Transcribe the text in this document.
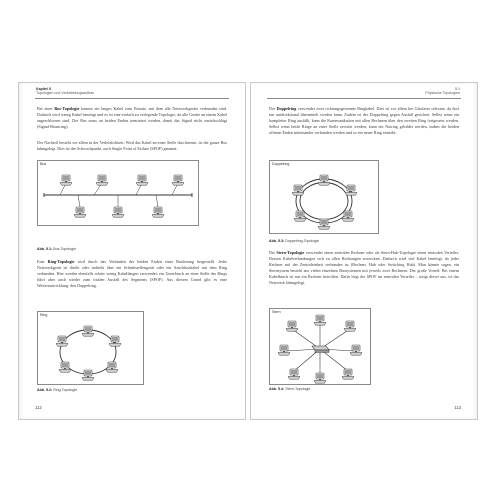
Kapitel 5
Topologien und Verkabelungsaufbau

Bei einer Bus-Topologie kommt ein langes Kabel zum Einsatz, mit dem alle Netzwerkgeräte verbunden sind. Dadurch wird wenig Kabel benötigt und es ist eine einfach zu verlegende Topologie, da alle Geräte an einem Kabel angeschlossen sind. Der Bus muss an beiden Enden terminiert werden, damit das Signal nicht zurückschlägt (Signal-Bouncing).

Der Nachteil besteht vor allem in der Verletzlichkeit: Wird das Kabel an einer Stelle durchtrennt, ist der ganze Bus lahmgelegt. Dies ist der Schwachpunkt, auch Single Point of Failure (SPOF) genannt.

Bus
Abb. 5.1: Bus-Topologie

Eine Ring-Topologie wird durch das Verbinden der beiden Enden einer Busleitung hergestellt. Jedes Netzwerkgerät ist direkt oder indirekt über ein Schnittstellengerät oder ein Anschlusskabel mit dem Ring verbunden. Hier werden ebenfalls relativ wenig Kabellängen verwendet; ein Unterbruch an einer Stelle des Rings führt aber auch wieder zum totalen Ausfall des Segments (SPOF). Aus diesem Grund gibt es eine Weiterentwicklung: den Doppelring.

Ring
Abb. 5.2: Ring-Topologie
112
5.1
Physische Topologien

Der Doppelring verwendet zwei richtungsgetrennte Ringkabel. Dies ist vor allem bei Glasfaser relevant, da dort nur unidirektional übermittelt werden kann. Zudem ist der Doppelring gegen Ausfall gesichert. Selbst wenn ein kompletter Ring ausfällt, kann die Kommunikation mit allen Rechnern über den zweiten Ring fortgesetzt werden. Selbst wenn beide Ringe an einer Stelle zerstört werden, kann ein Notring gebildet werden, indem die beiden offenen Enden miteinander verbunden werden und so ein neuer Ring entsteht.

Doppelring
Abb. 5.3: Doppelring-Topologie

Die Stern-Topologie verwendet einen zentralen Rechner oder als Stern-Hub-Topologie einen zentralen Verteiler. Dessen Kabelverbindungen sich zu allen Richtungen erstrecken. Dadurch wird viel Kabel benötigt, da jeder Rechner mit der Zentraleinheit verbunden ist (Rechner, Hub oder Switching Hub). Man könnte sagen, ein Sternsystem besteht aus vielen einzelnen Bussystemen mit jeweils zwei Rechnern. Der große Vorteil: Bei einem Kabelbruch ist nur ein Rechner betroffen. Dafür liegt der SPOF im zentralen Verteiler – steigt dieser aus, ist das Netzwerk lahmgelegt.

Stern
Abb. 5.4: Stern-Topologie
113
